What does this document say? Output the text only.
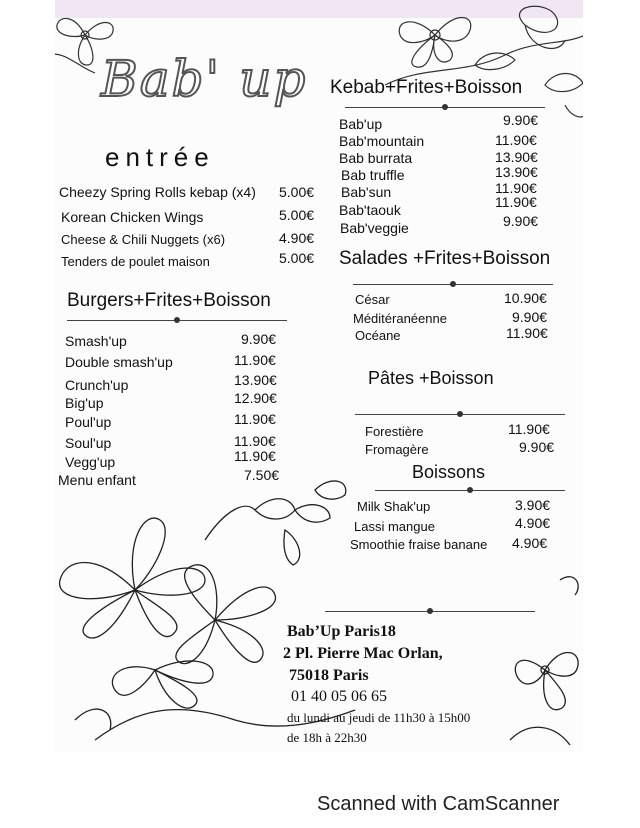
Bab' up
entrée
Cheezy Spring Rolls kebap (x4) 5.00€
Korean Chicken Wings	5.00€
Cheese & Chili Nuggets (x6)	4.90€
Tenders de poulet maison	5.00€
Burgers+Frites+Boisson
Smash'up	9.90€
Double smash'up	11.90€
Crunch'up	13.90€
Big'up	12.90€
Poul'up	11.90€
Soul'up	11.90€
Vegg'up	11.90€
Menu enfant	7.50€
Kebab+Frites+Boisson
Bab'up	9.90€
Bab'mountain	11.90€
Bab burrata	13.90€
Bab truffle	13.90€
Bab'sun	11.90€
Bab'taouk	11.90€
Bab'veggie	9.90€
Salades +Frites+Boisson
César	10.90€
Méditéranéenne	9.90€
Océane	11.90€
Pâtes +Boisson
Forestière	11.90€
Fromagère	9.90€
Boissons
Milk Shak'up	3.90€
Lassi mangue	4.90€
Smoothie fraise banane 4.90€
Bab’Up Paris18
2 Pl. Pierre Mac Orlan,
75018 Paris
01 40 05 06 65
du lundi au jeudi de 11h30 à 15h00
de 18h à 22h30
Scanned with CamScanner
